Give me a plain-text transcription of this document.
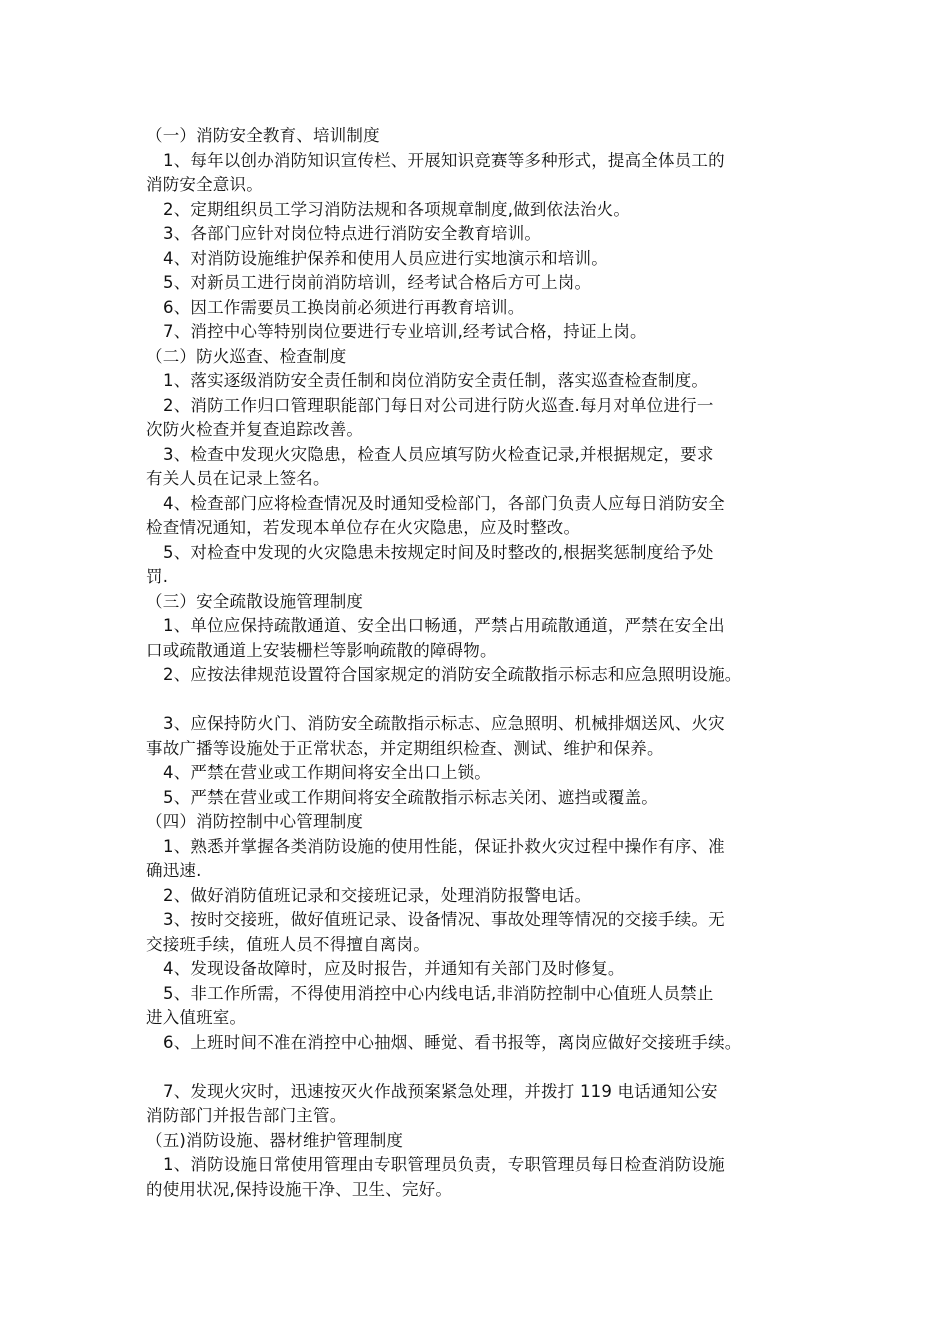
（一）消防安全教育、培训制度
1、每年以创办消防知识宣传栏、开展知识竞赛等多种形式，提高全体员工的
消防安全意识。
2、定期组织员工学习消防法规和各项规章制度,做到依法治火。
3、各部门应针对岗位特点进行消防安全教育培训。
4、对消防设施维护保养和使用人员应进行实地演示和培训。
5、对新员工进行岗前消防培训，经考试合格后方可上岗。
6、因工作需要员工换岗前必须进行再教育培训。
7、消控中心等特别岗位要进行专业培训,经考试合格，持证上岗。
（二）防火巡查、检查制度
1、落实逐级消防安全责任制和岗位消防安全责任制，落实巡查检查制度。
2、消防工作归口管理职能部门每日对公司进行防火巡查.每月对单位进行一
次防火检查并复查追踪改善。
3、检查中发现火灾隐患，检查人员应填写防火检查记录,并根据规定，要求
有关人员在记录上签名。
4、检查部门应将检查情况及时通知受检部门，各部门负责人应每日消防安全
检查情况通知，若发现本单位存在火灾隐患，应及时整改。
5、对检查中发现的火灾隐患未按规定时间及时整改的,根据奖惩制度给予处
罚.
（三）安全疏散设施管理制度
1、单位应保持疏散通道、安全出口畅通，严禁占用疏散通道，严禁在安全出
口或疏散通道上安装栅栏等影响疏散的障碍物。
2、应按法律规范设置符合国家规定的消防安全疏散指示标志和应急照明设施。
3、应保持防火门、消防安全疏散指示标志、应急照明、机械排烟送风、火灾
事故广播等设施处于正常状态，并定期组织检查、测试、维护和保养。
4、严禁在营业或工作期间将安全出口上锁。
5、严禁在营业或工作期间将安全疏散指示标志关闭、遮挡或覆盖。
（四）消防控制中心管理制度
1、熟悉并掌握各类消防设施的使用性能，保证扑救火灾过程中操作有序、准
确迅速.
2、做好消防值班记录和交接班记录，处理消防报警电话。
3、按时交接班，做好值班记录、设备情况、事故处理等情况的交接手续。无
交接班手续，值班人员不得擅自离岗。
4、发现设备故障时，应及时报告，并通知有关部门及时修复。
5、非工作所需，不得使用消控中心内线电话,非消防控制中心值班人员禁止
进入值班室。
6、上班时间不准在消控中心抽烟、睡觉、看书报等，离岗应做好交接班手续。
7、发现火灾时，迅速按灭火作战预案紧急处理，并拨打 119 电话通知公安
消防部门并报告部门主管。
（五)消防设施、器材维护管理制度
1、消防设施日常使用管理由专职管理员负责，专职管理员每日检查消防设施
的使用状况,保持设施干净、卫生、完好。
